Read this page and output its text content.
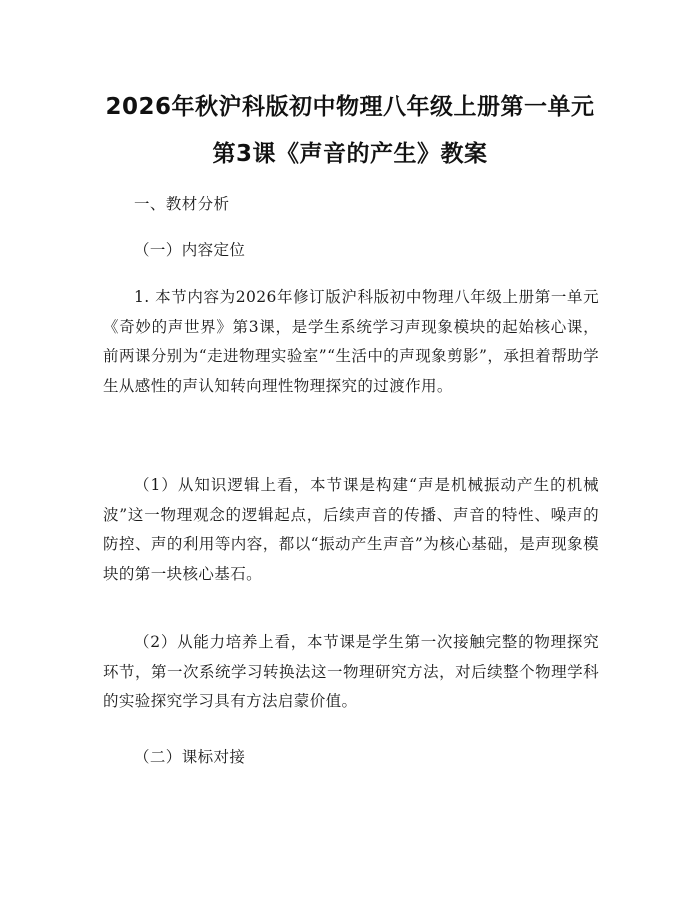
2026年秋沪科版初中物理八年级上册第一单元第3课《声音的产生》教案

一、教材分析

（一）内容定位

1. 本节内容为2026年修订版沪科版初中物理八年级上册第一单元《奇妙的声世界》第3课，是学生系统学习声现象模块的起始核心课，前两课分别为“走进物理实验室”“生活中的声现象剪影”，承担着帮助学生从感性的声认知转向理性物理探究的过渡作用。

（1）从知识逻辑上看，本节课是构建“声是机械振动产生的机械波”这一物理观念的逻辑起点，后续声音的传播、声音的特性、噪声的防控、声的利用等内容，都以“振动产生声音”为核心基础，是声现象模块的第一块核心基石。

（2）从能力培养上看，本节课是学生第一次接触完整的物理探究环节，第一次系统学习转换法这一物理研究方法，对后续整个物理学科的实验探究学习具有方法启蒙价值。

（二）课标对接
